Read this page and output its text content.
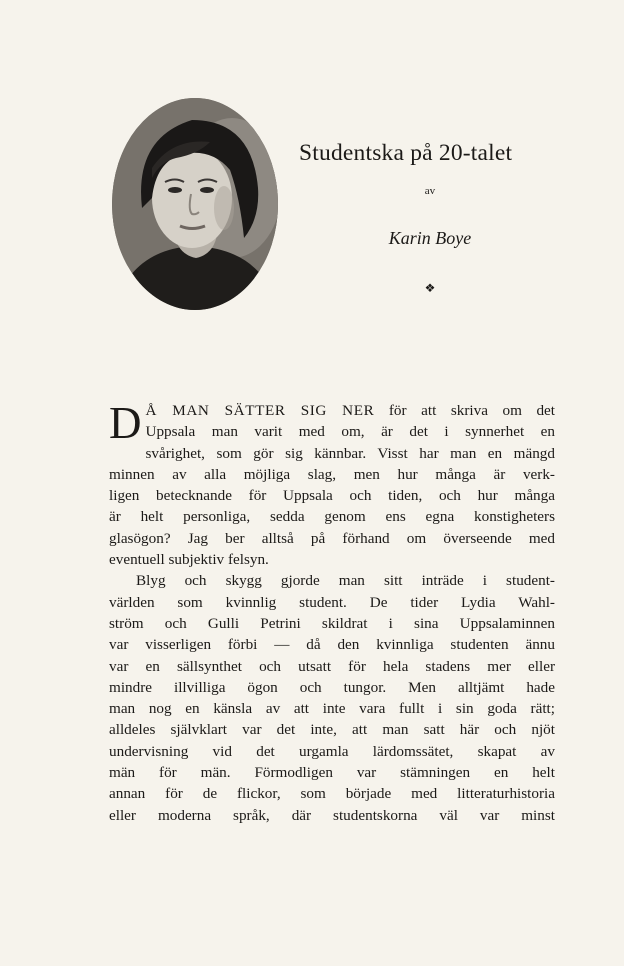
Studentska på 20-talet
av
Karin Boye
❖
D Å MAN SÄTTER SIG NER för att skriva om det
Uppsala man varit med om, är det i synnerhet en
svårighet, som gör sig kännbar. Visst har man en mängd
minnen av alla möjliga slag, men hur många är verk-
ligen betecknande för Uppsala och tiden, och hur många
är helt personliga, sedda genom ens egna konstigheters
glasögon? Jag ber alltså på förhand om överseende med
eventuell subjektiv felsyn.
Blyg och skygg gjorde man sitt inträde i student-
världen som kvinnlig student. De tider Lydia Wahl-
ström och Gulli Petrini skildrat i sina Uppsalaminnen
var visserligen förbi — då den kvinnliga studenten ännu
var en sällsynthet och utsatt för hela stadens mer eller
mindre illvilliga ögon och tungor. Men alltjämt hade
man nog en känsla av att inte vara fullt i sin goda rätt;
alldeles självklart var det inte, att man satt här och njöt
undervisning vid det urgamla lärdomssätet, skapat av
män för män. Förmodligen var stämningen en helt
annan för de flickor, som började med litteraturhistoria
eller moderna språk, där studentskorna väl var minst
